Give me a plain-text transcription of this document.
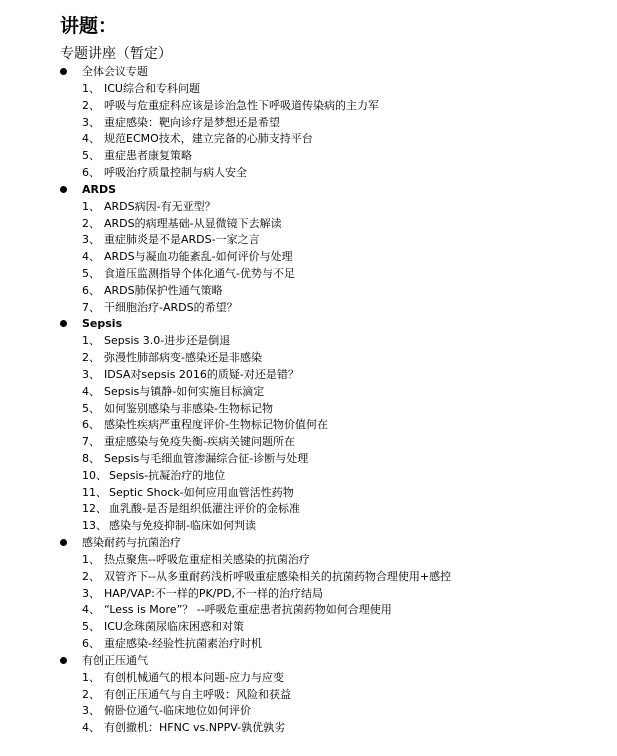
讲题：
专题讲座（暂定）
全体会议专题
1、 ICU综合和专科问题
2、 呼吸与危重症科应该是诊治急性下呼吸道传染病的主力军
3、 重症感染：靶向诊疗是梦想还是希望
4、 规范ECMO技术，建立完备的心肺支持平台
5、 重症患者康复策略
6、 呼吸治疗质量控制与病人安全
ARDS
1、 ARDS病因-有无亚型？
2、 ARDS的病理基础-从显微镜下去解读
3、 重症肺炎是不是ARDS-一家之言
4、 ARDS与凝血功能紊乱-如何评价与处理
5、 食道压监测指导个体化通气-优势与不足
6、 ARDS肺保护性通气策略
7、 干细胞治疗-ARDS的希望？
Sepsis
1、 Sepsis 3.0-进步还是倒退
2、 弥漫性肺部病变-感染还是非感染
3、 IDSA对sepsis 2016的质疑-对还是错？
4、 Sepsis与镇静-如何实施目标滴定
5、 如何鉴别感染与非感染-生物标记物
6、 感染性疾病严重程度评价-生物标记物价值何在
7、 重症感染与免疫失衡-疾病关键问题所在
8、 Sepsis与毛细血管渗漏综合征-诊断与处理
10、 Sepsis-抗凝治疗的地位
11、 Septic Shock-如何应用血管活性药物
12、 血乳酸-是否是组织低灌注评价的金标准
13、 感染与免疫抑制-临床如何判读
感染耐药与抗菌治疗
1、 热点聚焦--呼吸危重症相关感染的抗菌治疗
2、 双管齐下--从多重耐药浅析呼吸重症感染相关的抗菌药物合理使用+感控
3、 HAP/VAP:不一样的PK/PD,不一样的治疗结局
4、 “Less is More”？ --呼吸危重症患者抗菌药物如何合理使用
5、 ICU念珠菌尿临床困惑和对策
6、 重症感染-经验性抗菌素治疗时机
有创正压通气
1、 有创机械通气的根本问题-应力与应变
2、 有创正压通气与自主呼吸：风险和获益
3、 俯卧位通气-临床地位如何评价
4、 有创撤机：HFNC vs.NPPV-孰优孰劣
